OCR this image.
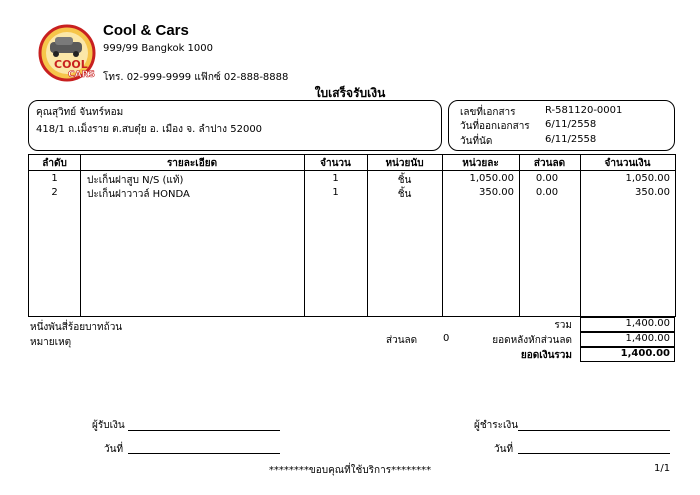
COOL
CARS
Cool & Cars
999/99 Bangkok 1000
โทร. 02-999-9999 แฟ๊กซ์ 02-888-8888
ใบเสร็จรับเงิน
คุณสุวิทย์ จันทร์หอม
418/1 ถ.เม็งราย ต.สบตุ๋ย อ. เมือง จ. ลำปาง 52000
เลขที่เอกสาร	R-581120-0001
วันที่ออกเอกสาร 6/11/2558
วันที่นัด	6/11/2558
ลำดับ	รายละเอียด	จำนวน	หน่วยนับ	หน่วยละ	ส่วนลด	จำนวนเงิน
1	ปะเก็นฝาสูบ N/S (แท้)	1	ชิ้น	1,050.00	0.00	1,050.00
2	ปะเก็นฝาวาวล์ HONDA	1	ชิ้น	350.00	0.00	350.00
หนึ่งพันสี่ร้อยบาทถ้วน
หมายเหตุ	ส่วนลด	0
รวม	1,400.00
ยอดหลังหักส่วนลด	1,400.00
ยอดเงินรวม	1,400.00
ผู้รับเงิน
วันที่
ผู้ชำระเงิน
วันที่
********ขอบคุณที่ใช้บริการ********	1/1
